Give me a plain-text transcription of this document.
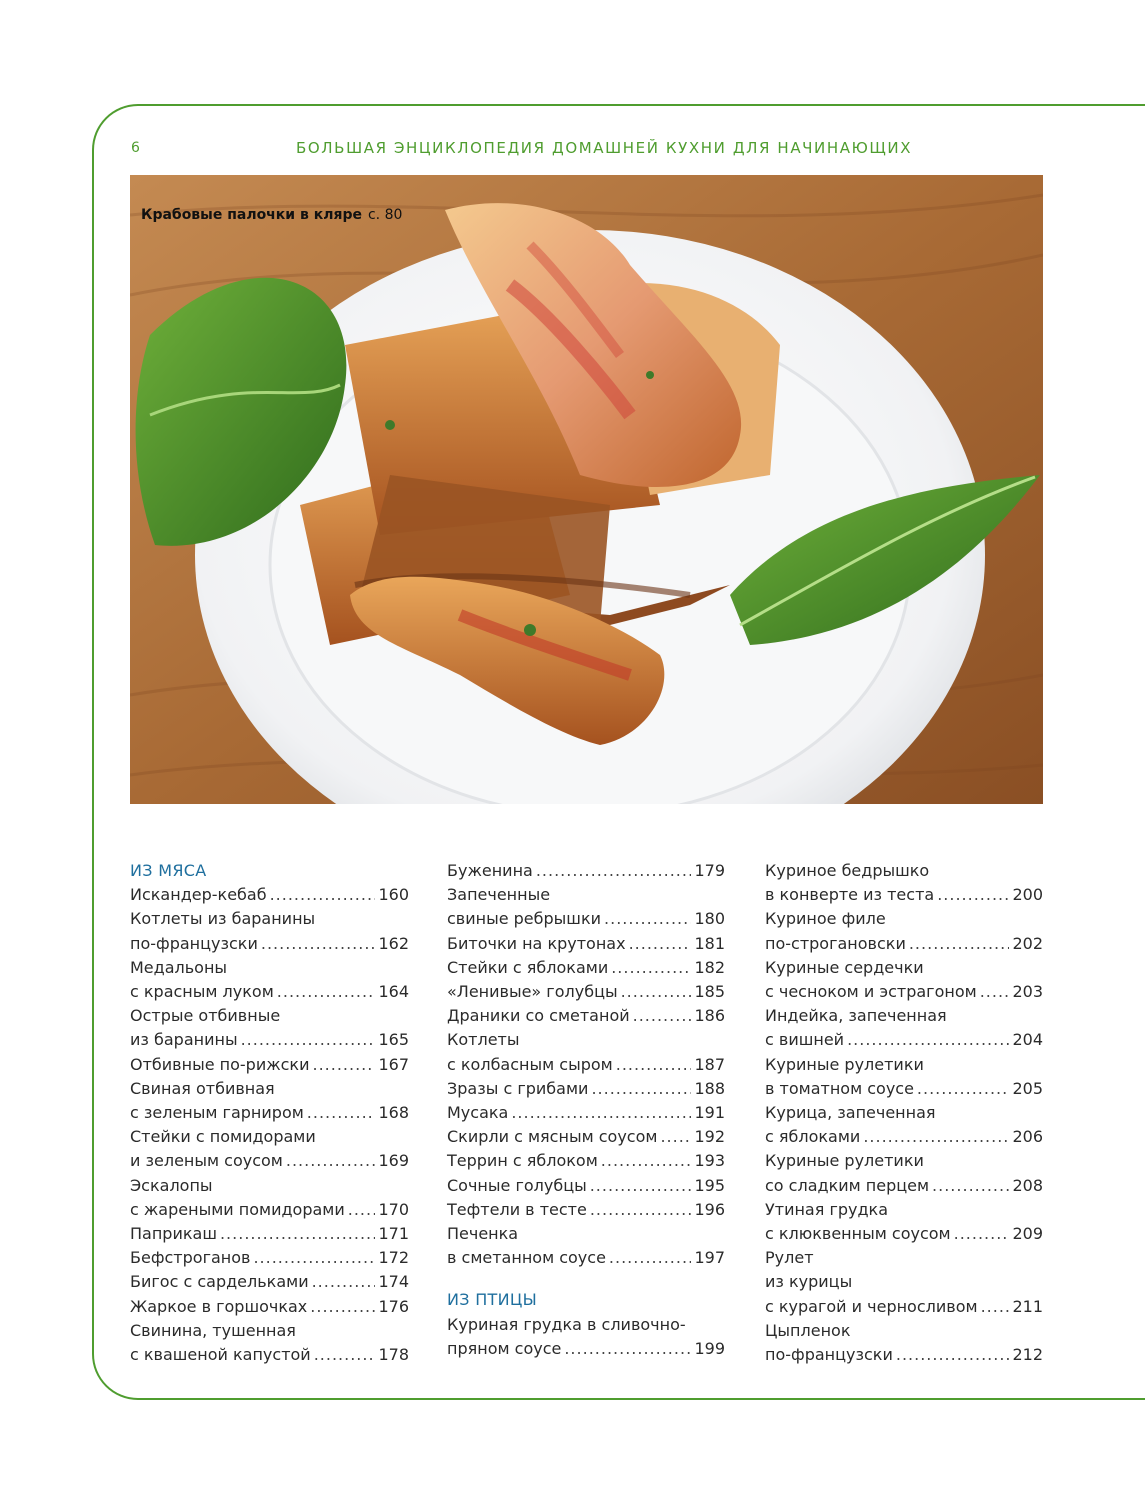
6	БОЛЬШАЯ ЭНЦИКЛОПЕДИЯ ДОМАШНЕЙ КУХНИ ДЛЯ НАЧИНАЮЩИХ
Крабовые палочки в кляре с. 80
ИЗ МЯСА
Искандер-кебаб .....	160
Котлеты из баранины
по-французски .....	162
Медальоны
с красным луком .....	164
Острые отбивные
из баранины .....	165
Отбивные по-рижски .....	167
Свиная отбивная
с зеленым гарниром .....	168
Стейки с помидорами
и зеленым соусом .....	169
Эскалопы
с жареными помидорами ..... 170
Паприкаш .....	171
Бефстроганов .....	172
Бигос с сардельками .....	174
Жаркое в горшочках .....	176
Свинина, тушенная
с квашеной капустой .....	178
Буженина .....	179
Запеченные
свиные ребрышки .....	180
Биточки на крутонах .....	181
Стейки с яблоками .....	182
«Ленивые» голубцы .....	185
Драники со сметаной .....	186
Котлеты
с колбасным сыром .....	187
Зразы с грибами .....	188
Мусака .....	191
Скирли с мясным соусом ..... 192
Террин с яблоком .....	193
Сочные голубцы .....	195
Тефтели в тесте .....	196
Печенка
в сметанном соусе .....	197
ИЗ ПТИЦЫ
Куриная грудка в сливочно-
пряном соусе .....	199
Куриное бедрышко
в конверте из теста .....	200
Куриное филе
по-строгановски .....	202
Куриные сердечки
с чесноком и эстрагоном ..... 203
Индейка, запеченная
с вишней .....	204
Куриные рулетики
в томатном соусе .....	205
Курица, запеченная
с яблоками .....	206
Куриные рулетики
со сладким перцем .....	208
Утиная грудка
с клюквенным соусом .....	209
Рулет
из курицы
с курагой и черносливом ..... 211
Цыпленок
по-французски .....	212
